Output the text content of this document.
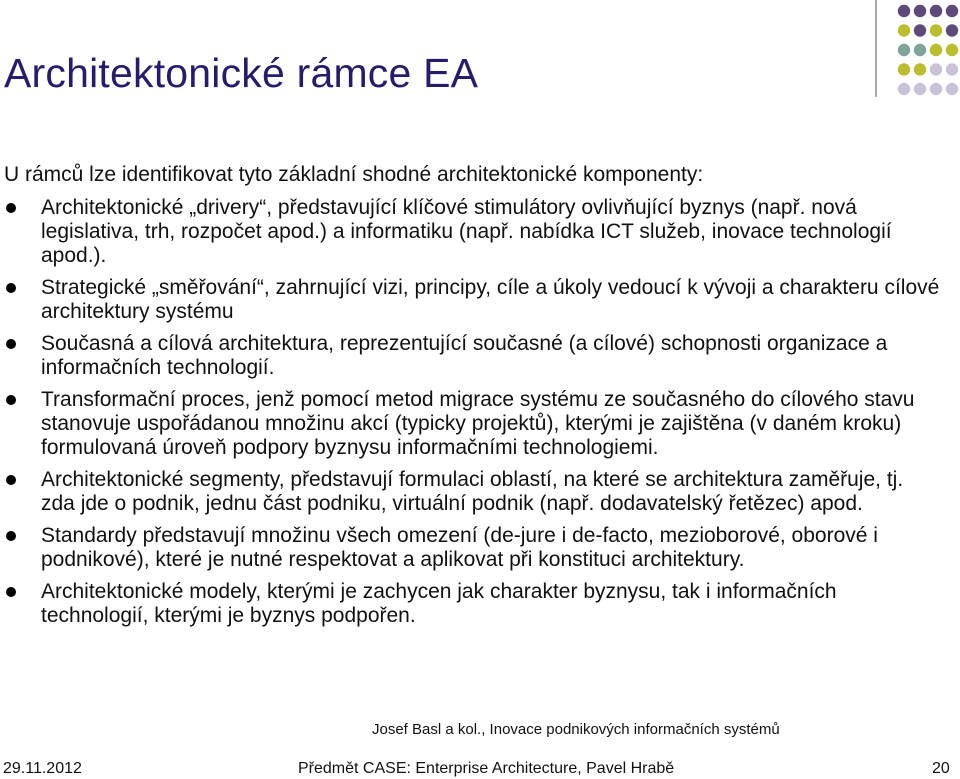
Architektonické rámce EA

U rámců lze identifikovat tyto základní shodné architektonické komponenty:

Architektonické „drivery“, představující klíčové stimulátory ovlivňující byznys (např. nová legislativa, trh, rozpočet apod.) a informatiku (např. nabídka ICT služeb, inovace technologií apod.).
Strategické „směřování“, zahrnující vizi, principy, cíle a úkoly vedoucí k vývoji a charakteru cílové architektury systému
Současná a cílová architektura, reprezentující současné (a cílové) schopnosti organizace a informačních technologií.
Transformační proces, jenž pomocí metod migrace systému ze současného do cílového stavu stanovuje uspořádanou množinu akcí (typicky projektů), kterými je zajištěna (v daném kroku) formulovaná úroveň podpory byznysu informačními technologiemi.
Architektonické segmenty, představují formulaci oblastí, na které se architektura zaměřuje, tj. zda jde o podnik, jednu část podniku, virtuální podnik (např. dodavatelský řetězec) apod.
Standardy představují množinu všech omezení (de-jure i de-facto, mezioborové, oborové i podnikové), které je nutné respektovat a aplikovat při konstituci architektury.
Architektonické modely, kterými je zachycen jak charakter byznysu, tak i informačních technologií, kterými je byznys podpořen.
Josef Basl a kol., Inovace podnikových informačních systémů
29.11.2012	Předmět CASE: Enterprise Architecture, Pavel Hrabě	20
